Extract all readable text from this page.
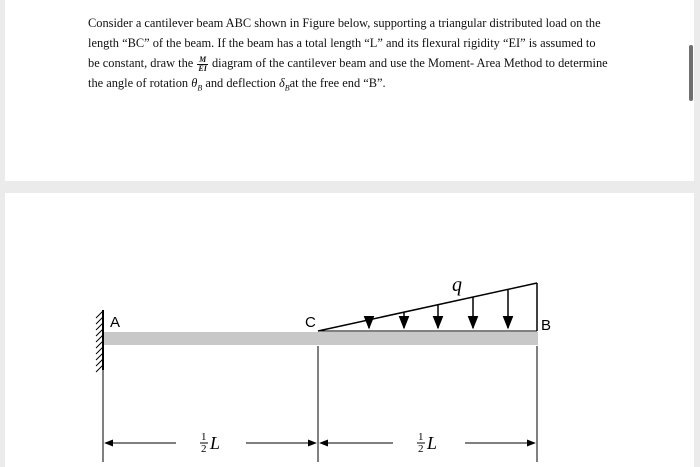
Consider a cantilever beam ABC shown in Figure below, supporting a triangular distributed load on the
length “BC” of the beam. If the beam has a total length “L” and its flexural rigidity “EI” is assumed to
be constant, draw the $\frac{M}{EI}$ diagram of the cantilever beam and use the Moment- Area Method to determine
the angle of rotation $\theta_B$ and deflection $\delta_Bat$ the free end “B”.
A	C	B
q
1
2 L	1
2 L
